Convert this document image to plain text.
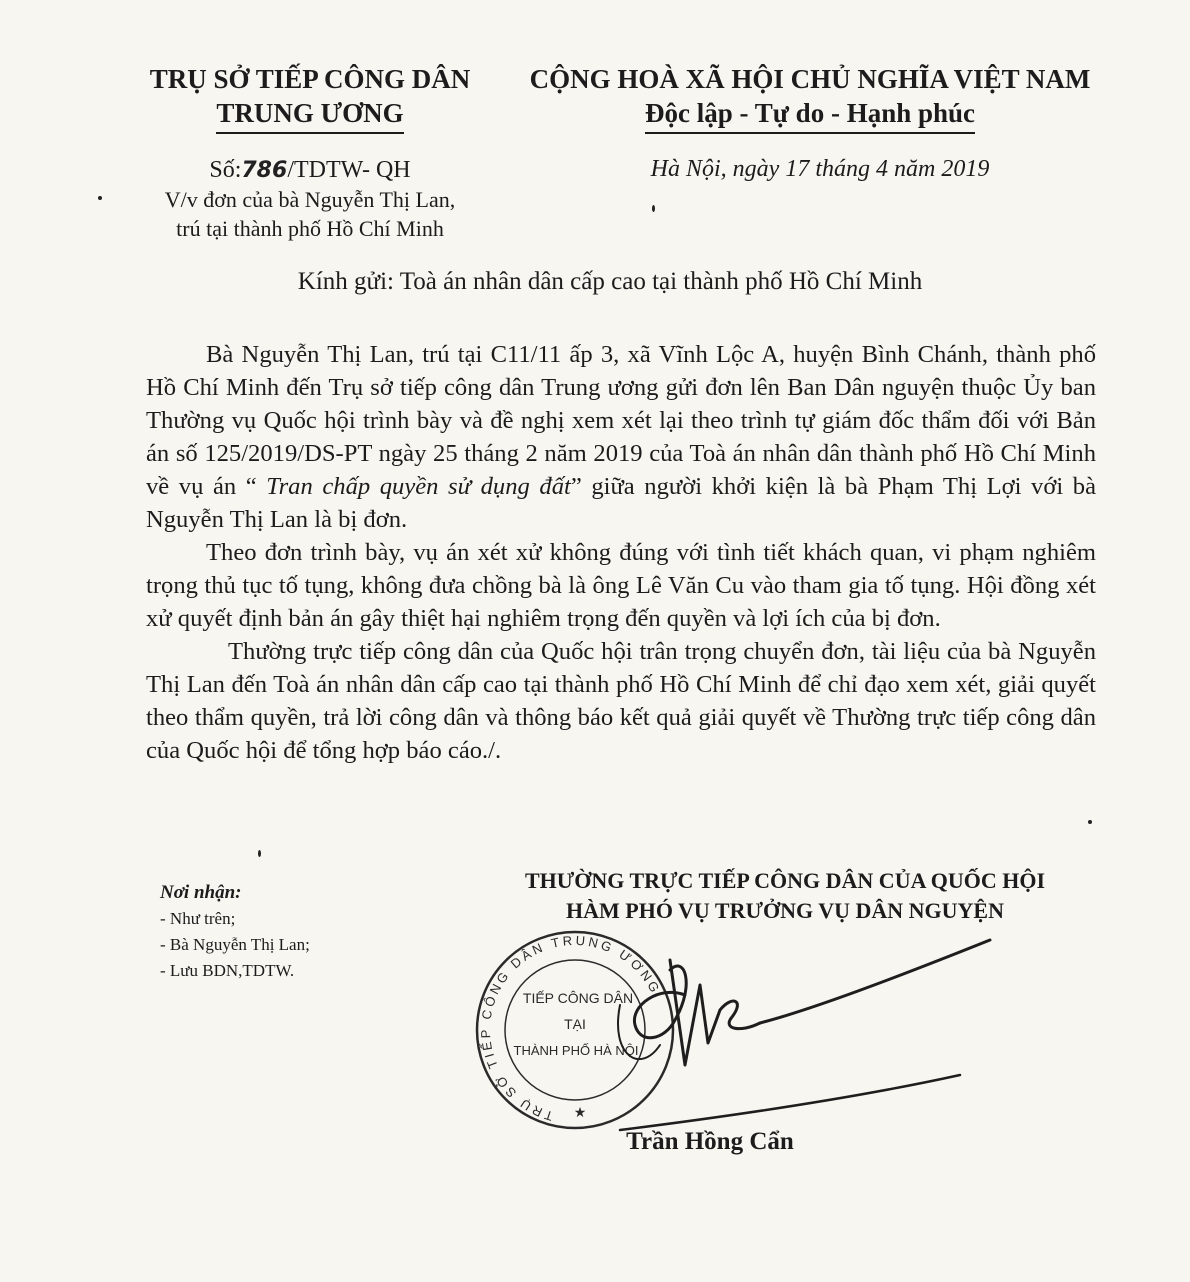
TRỤ SỞ TIẾP CÔNG DÂN
TRUNG ƯƠNG
CỘNG HOÀ XÃ HỘI CHỦ NGHĨA VIỆT NAM
Độc lập - Tự do - Hạnh phúc
Số:786/TDTW- QH
V/v đơn của bà Nguyễn Thị Lan,
trú tại thành phố Hồ Chí Minh
Hà Nội, ngày 17 tháng 4 năm 2019
Kính gửi: Toà án nhân dân cấp cao tại thành phố Hồ Chí Minh

Bà Nguyễn Thị Lan, trú tại C11/11 ấp 3, xã Vĩnh Lộc A, huyện Bình Chánh, thành phố Hồ Chí Minh đến Trụ sở tiếp công dân Trung ương gửi đơn lên Ban Dân nguyện thuộc Ủy ban Thường vụ Quốc hội trình bày và đề nghị xem xét lại theo trình tự giám đốc thẩm đối với Bản án số 125/2019/DS-PT ngày 25 tháng 2 năm 2019 của Toà án nhân dân thành phố Hồ Chí Minh về vụ án “ Tran chấp quyền sử dụng đất” giữa người khởi kiện là bà Phạm Thị Lợi với bà Nguyễn Thị Lan là bị đơn.

Theo đơn trình bày, vụ án xét xử không đúng với tình tiết khách quan, vi phạm nghiêm trọng thủ tục tố tụng, không đưa chồng bà là ông Lê Văn Cu vào tham gia tố tụng. Hội đồng xét xử quyết định bản án gây thiệt hại nghiêm trọng đến quyền và lợi ích của bị đơn.

Thường trực tiếp công dân của Quốc hội trân trọng chuyển đơn, tài liệu của bà Nguyễn Thị Lan đến Toà án nhân dân cấp cao tại thành phố Hồ Chí Minh để chỉ đạo xem xét, giải quyết theo thẩm quyền, trả lời công dân và thông báo kết quả giải quyết về Thường trực tiếp công dân của Quốc hội để tổng hợp báo cáo./.

Nơi nhận:
- Như trên;
- Bà Nguyễn Thị Lan;
- Lưu BDN,TDTW.
THƯỜNG TRỰC TIẾP CÔNG DÂN CỦA QUỐC HỘI
HÀM PHÓ VỤ TRƯỞNG VỤ DÂN NGUYỆN
TRỤ SỞ TIẾP CÔNG DÂN TRUNG ƯƠNG
TIẾP CÔNG DÂN
TẠI
THÀNH PHỐ HÀ NỘI
★
Trần Hồng Cẩn
